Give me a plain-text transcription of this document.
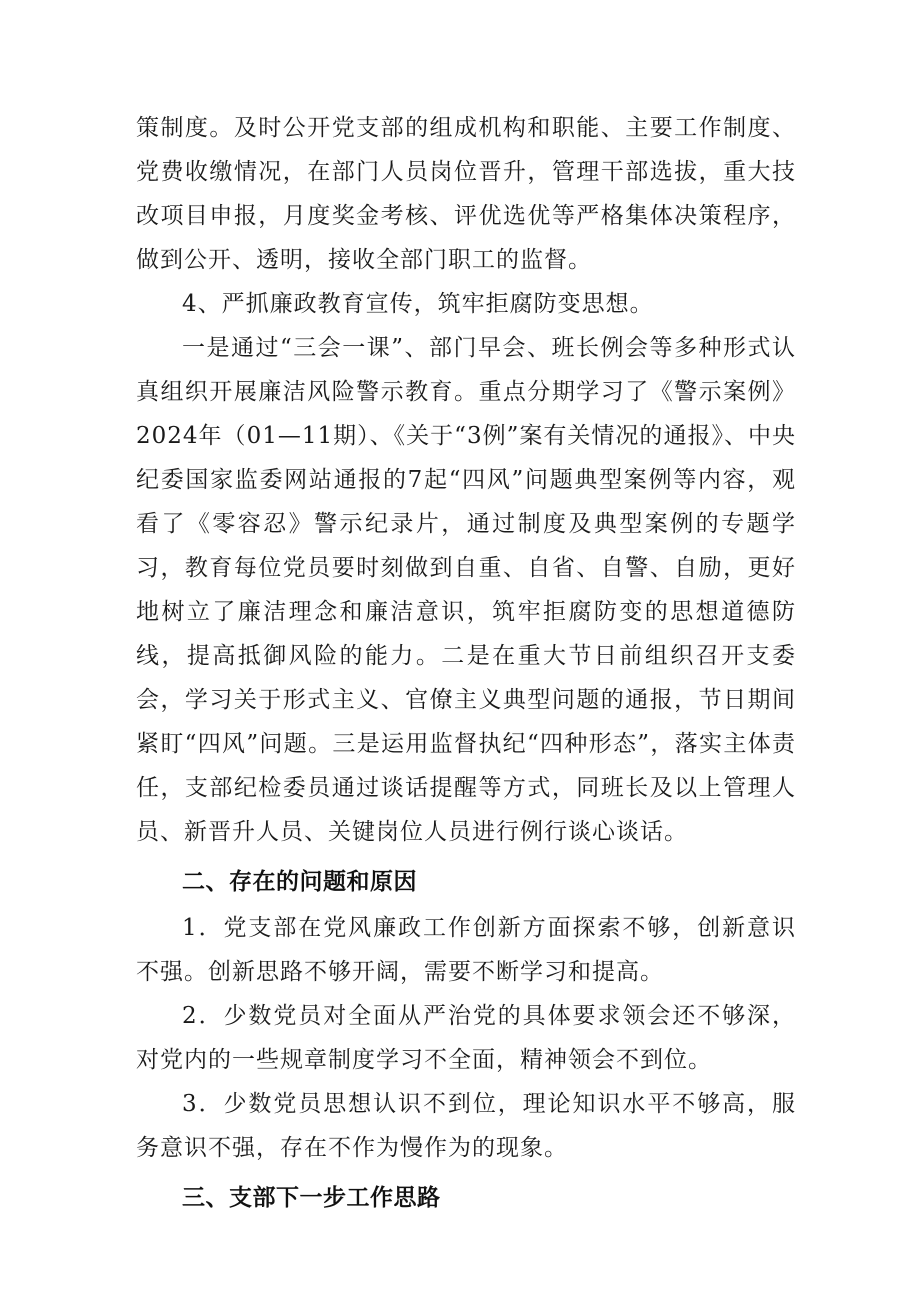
策制度。及时公开党支部的组成机构和职能、主要工作制度、党费收缴情况，在部门人员岗位晋升，管理干部选拔，重大技改项目申报，月度奖金考核、评优选优等严格集体决策程序，做到公开、透明，接收全部门职工的监督。

4、严抓廉政教育宣传，筑牢拒腐防变思想。

一是通过“三会一课”、部门早会、班长例会等多种形式认真组织开展廉洁风险警示教育。重点分期学习了《警示案例》2024年（01—11期）、《关于“3例”案有关情况的通报》、中央纪委国家监委网站通报的7起“四风”问题典型案例等内容，观看了《零容忍》警示纪录片，通过制度及典型案例的专题学习，教育每位党员要时刻做到自重、自省、自警、自励，更好地树立了廉洁理念和廉洁意识，筑牢拒腐防变的思想道德防线，提高抵御风险的能力。二是在重大节日前组织召开支委会，学习关于形式主义、官僚主义典型问题的通报，节日期间紧盯“四风”问题。三是运用监督执纪“四种形态”，落实主体责任，支部纪检委员通过谈话提醒等方式，同班长及以上管理人员、新晋升人员、关键岗位人员进行例行谈心谈话。

二、存在的问题和原因

1．党支部在党风廉政工作创新方面探索不够，创新意识不强。创新思路不够开阔，需要不断学习和提高。

2．少数党员对全面从严治党的具体要求领会还不够深，对党内的一些规章制度学习不全面，精神领会不到位。

3．少数党员思想认识不到位，理论知识水平不够高，服务意识不强，存在不作为慢作为的现象。

三、支部下一步工作思路
